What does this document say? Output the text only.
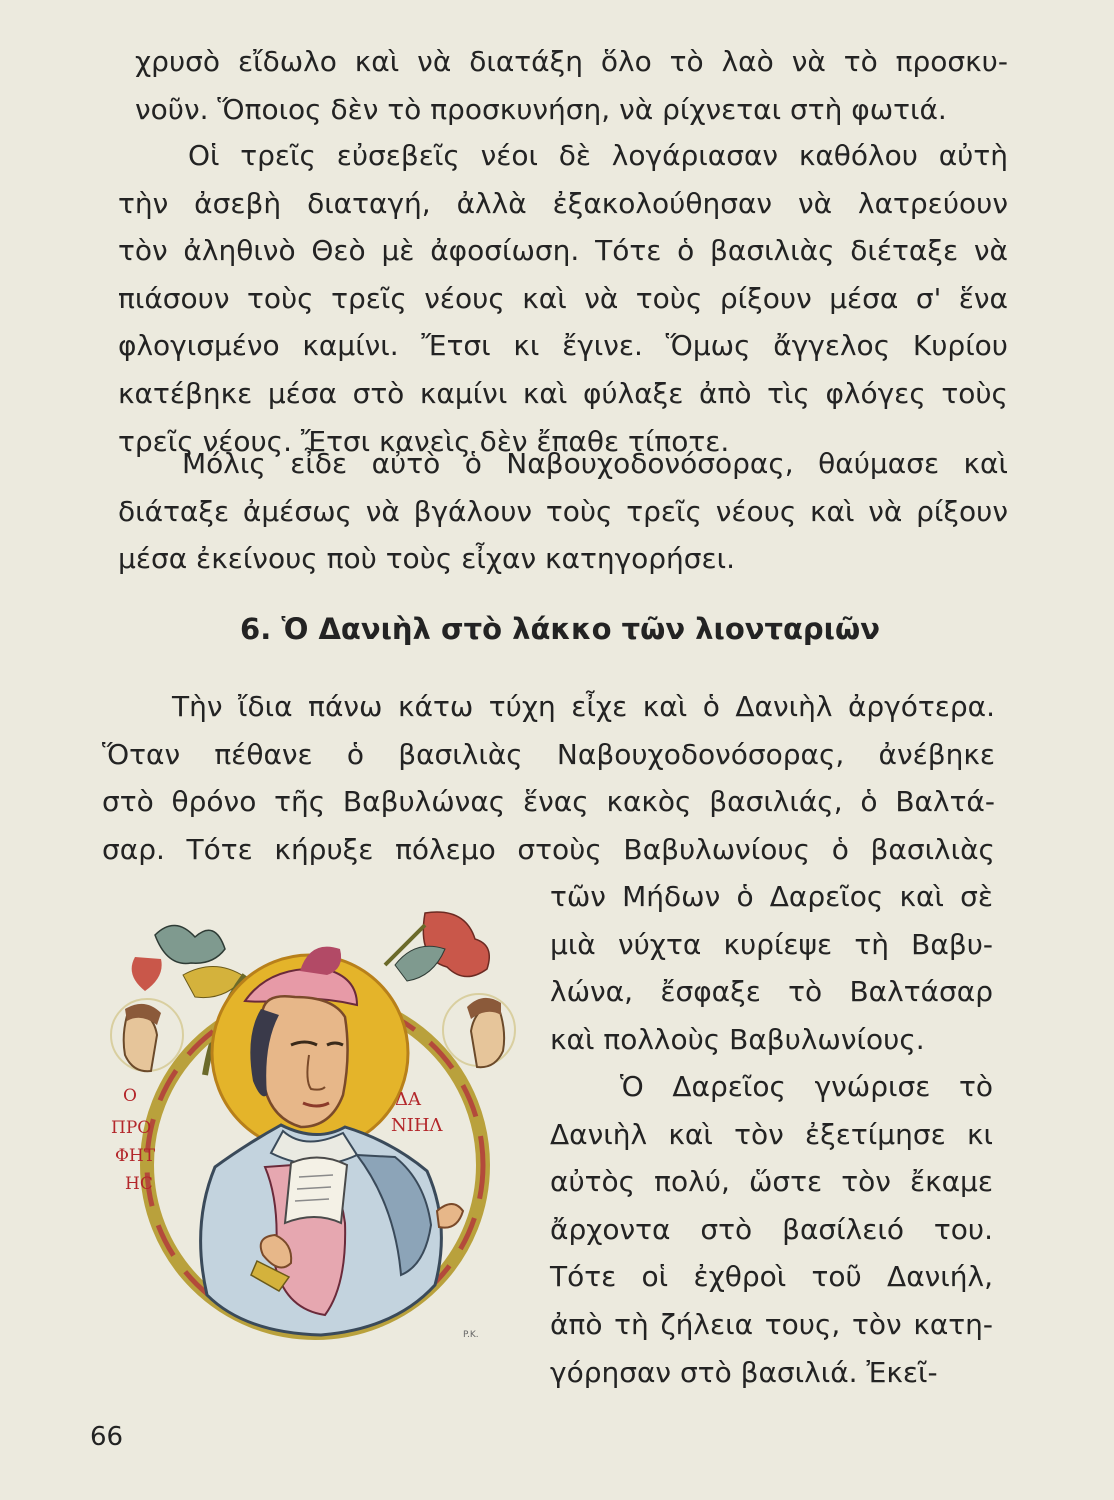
χρυσὸ εἴδωλο καὶ νὰ διατάξη ὅλο τὸ λαὸ νὰ τὸ προσκυ-
νοῦν. Ὅποιος δὲν τὸ προσκυνήση, νὰ ρίχνεται στὴ φωτιά.
Οἱ τρεῖς εὐσεβεῖς νέοι δὲ λογάριασαν καθόλου αὐτὴ
τὴν ἀσεβὴ διαταγή, ἀλλὰ ἐξακολούθησαν νὰ λατρεύουν
τὸν ἀληθινὸ Θεὸ μὲ ἀφοσίωση. Τότε ὁ βασιλιὰς διέταξε νὰ
πιάσουν τοὺς τρεῖς νέους καὶ νὰ τοὺς ρίξουν μέσα σ' ἕνα
φλογισμένο καμίνι. Ἔτσι κι ἔγινε. Ὅμως ἄγγελος Κυρίου
κατέβηκε μέσα στὸ καμίνι καὶ φύλαξε ἀπὸ τὶς φλόγες τοὺς
τρεῖς νέους. Ἔτσι κανεὶς δὲν ἔπαθε τίποτε.
Μόλις εἶδε αὐτὸ ὁ Ναβουχοδονόσορας, θαύμασε καὶ
διάταξε ἀμέσως νὰ βγάλουν τοὺς τρεῖς νέους καὶ νὰ ρίξουν
μέσα ἐκείνους ποὺ τοὺς εἶχαν κατηγορήσει.
6. Ὁ Δανιὴλ στὸ λάκκο τῶν λιονταριῶν
Τὴν ἴδια πάνω κάτω τύχη εἶχε καὶ ὁ Δανιὴλ ἀργότερα.
Ὅταν πέθανε ὁ βασιλιὰς Ναβουχοδονόσορας, ἀνέβηκε
στὸ θρόνο τῆς Βαβυλώνας ἕνας κακὸς βασιλιάς, ὁ Βαλτά-
σαρ. Τότε κήρυξε πόλεμο στοὺς Βαβυλωνίους ὁ βασιλιὰς
τῶν Μήδων ὁ Δαρεῖος καὶ σὲ
μιὰ νύχτα κυρίεψε τὴ Βαβυ-
λώνα, ἔσφαξε τὸ Βαλτάσαρ
καὶ πολλοὺς Βαβυλωνίους.
Ὁ Δαρεῖος γνώρισε τὸ
Δανιὴλ καὶ τὸν ἐξετίμησε κι
αὐτὸς πολύ, ὥστε τὸν ἔκαμε
ἄρχοντα στὸ βασίλειό του.
Τότε οἱ ἐχθροὶ τοῦ Δανιήλ,
ἀπὸ τὴ ζήλεια τους, τὸν κατη-
γόρησαν στὸ βασιλιά. Ἐκεῖ-
Ο
ΠΡΟ
ΦΗΤ
ΗϹ
ΔΑ
ΝΙΗΛ
P.K.
66
